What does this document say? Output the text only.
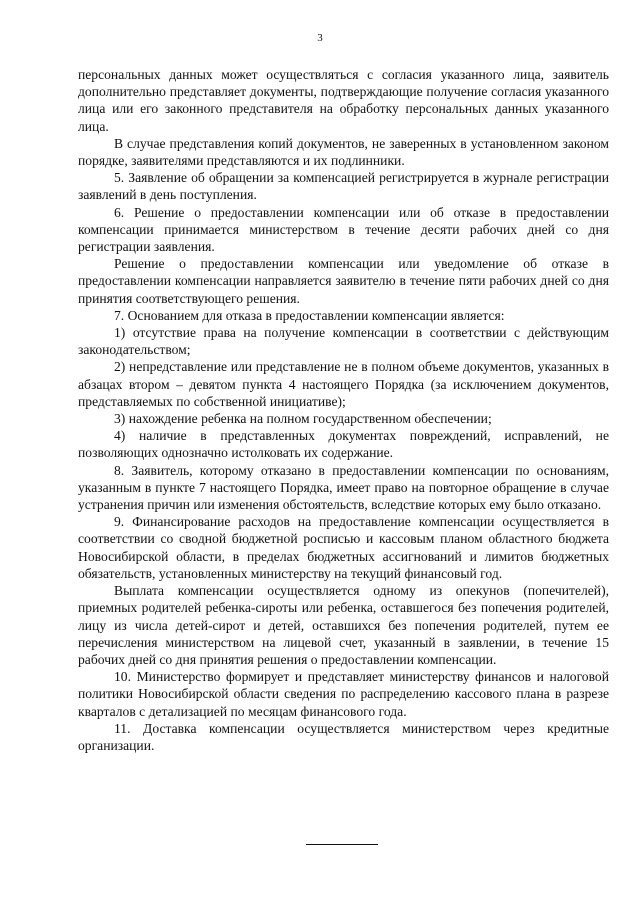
3

персональных данных может осуществляться с согласия указанного лица, заявитель дополнительно представляет документы, подтверждающие получение согласия указанного лица или его законного представителя на обработку персональных данных указанного лица.

В случае представления копий документов, не заверенных в установленном законом порядке, заявителями представляются и их подлинники.

5. Заявление об обращении за компенсацией регистрируется в журнале регистрации заявлений в день поступления.

6. Решение о предоставлении компенсации или об отказе в предоставлении компенсации принимается министерством в течение десяти рабочих дней со дня регистрации заявления.

Решение о предоставлении компенсации или уведомление об отказе в предоставлении компенсации направляется заявителю в течение пяти рабочих дней со дня принятия соответствующего решения.

7. Основанием для отказа в предоставлении компенсации является:

1) отсутствие права на получение компенсации в соответствии с действующим законодательством;

2) непредставление или представление не в полном объеме документов, указанных в абзацах втором – девятом пункта 4 настоящего Порядка (за исключением документов, представляемых по собственной инициативе);

3) нахождение ребенка на полном государственном обеспечении;

4) наличие в представленных документах повреждений, исправлений, не позволяющих однозначно истолковать их содержание.

8. Заявитель, которому отказано в предоставлении компенсации по основаниям, указанным в пункте 7 настоящего Порядка, имеет право на повторное обращение в случае устранения причин или изменения обстоятельств, вследствие которых ему было отказано.

9. Финансирование расходов на предоставление компенсации осуществляется в соответствии со сводной бюджетной росписью и кассовым планом областного бюджета Новосибирской области, в пределах бюджетных ассигнований и лимитов бюджетных обязательств, установленных министерству на текущий финансовый год.

Выплата компенсации осуществляется одному из опекунов (попечителей), приемных родителей ребенка-сироты или ребенка, оставшегося без попечения родителей, лицу из числа детей-сирот и детей, оставшихся без попечения родителей, путем ее перечисления министерством на лицевой счет, указанный в заявлении, в течение 15 рабочих дней со дня принятия решения о предоставлении компенсации.

10. Министерство формирует и представляет министерству финансов и налоговой политики Новосибирской области сведения по распределению кассового плана в разрезе кварталов с детализацией по месяцам финансового года.

11. Доставка компенсации осуществляется министерством через кредитные организации.
